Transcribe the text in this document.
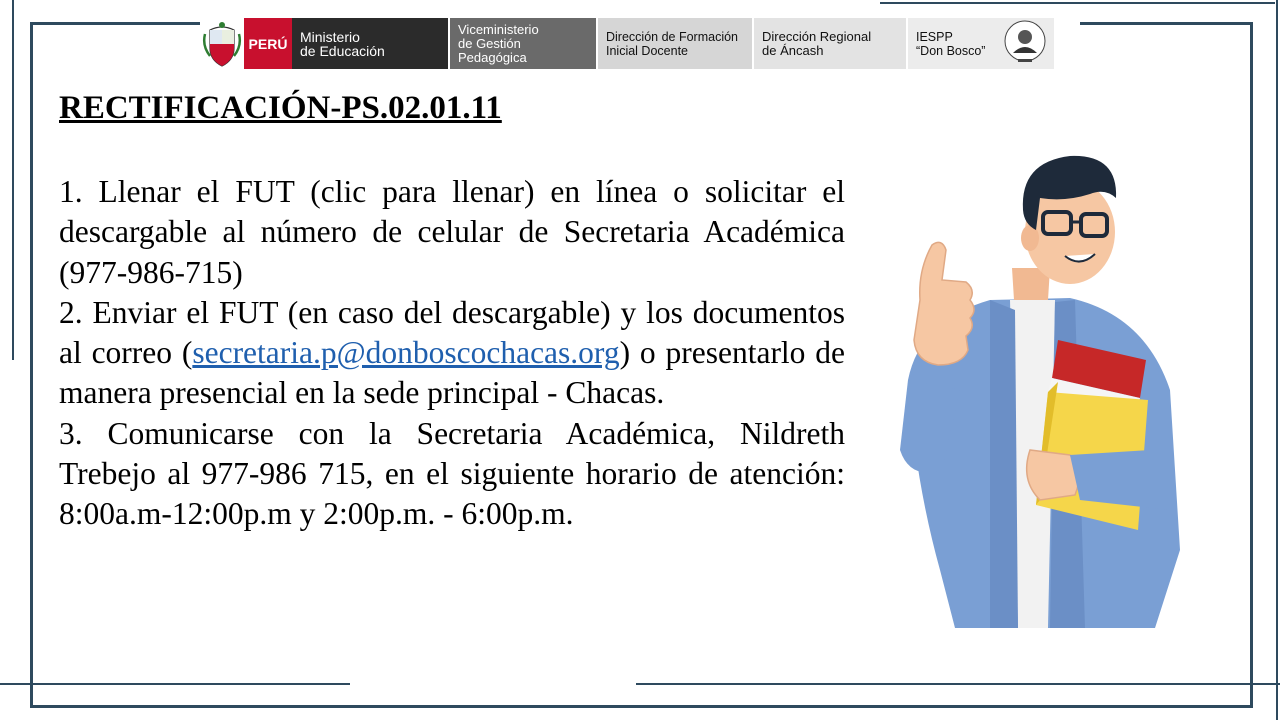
PERÚ Ministerio
de Educación
Viceministerio
de Gestión Pedagógica
Dirección de Formación
Inicial Docente
Dirección Regional
de Áncash
IESPP
“Don Bosco”
RECTIFICACIÓN-PS.02.01.11

1. Llenar el FUT (clic para llenar) en línea o solicitar el descargable al número de celular de Secretaria Académica (977-986-715)

2. Enviar el FUT (en caso del descargable) y los documentos al correo (secretaria.p@donboscochacas.org) o presentarlo de manera presencial en la sede principal - Chacas.

3. Comunicarse con la Secretaria Académica, Nildreth Trebejo al 977-986 715, en el siguiente horario de atención: 8:00a.m-12:00p.m y 2:00p.m. - 6:00p.m.
